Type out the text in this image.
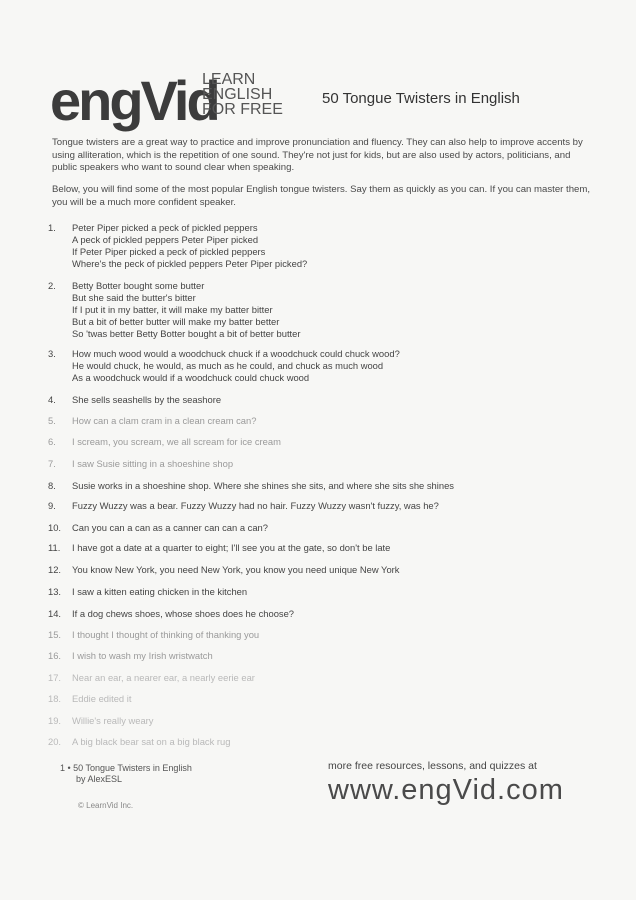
engVid
LEARN
ENGLISH
FOR FREE
50 Tongue Twisters in English
Tongue twisters are a great way to practice and improve pronunciation and fluency. They can also help to improve accents by using alliteration, which is the repetition of one sound. They're not just for kids, but are also used by actors, politicians, and public speakers who want to sound clear when speaking.
Below, you will find some of the most popular English tongue twisters. Say them as quickly as you can. If you can master them, you will be a much more confident speaker.
1.	Peter Piper picked a peck of pickled peppers
A peck of pickled peppers Peter Piper picked
If Peter Piper picked a peck of pickled peppers
Where's the peck of pickled peppers Peter Piper picked?
2.	Betty Botter bought some butter
But she said the butter's bitter
If I put it in my batter, it will make my batter bitter
But a bit of better butter will make my batter better
So 'twas better Betty Botter bought a bit of better butter
3.	How much wood would a woodchuck chuck if a woodchuck could chuck wood?
He would chuck, he would, as much as he could, and chuck as much wood
As a woodchuck would if a woodchuck could chuck wood
4.	She sells seashells by the seashore
5.	How can a clam cram in a clean cream can?
6.	I scream, you scream, we all scream for ice cream
7.	I saw Susie sitting in a shoeshine shop
8.	Susie works in a shoeshine shop. Where she shines she sits, and where she sits she shines
9.	Fuzzy Wuzzy was a bear. Fuzzy Wuzzy had no hair. Fuzzy Wuzzy wasn't fuzzy, was he?
10.	Can you can a can as a canner can can a can?
11.	I have got a date at a quarter to eight; I'll see you at the gate, so don't be late
12.	You know New York, you need New York, you know you need unique New York
13.	I saw a kitten eating chicken in the kitchen
14.	If a dog chews shoes, whose shoes does he choose?
15.	I thought I thought of thinking of thanking you
16.	I wish to wash my Irish wristwatch
17.	Near an ear, a nearer ear, a nearly eerie ear
18.	Eddie edited it
19.	Willie's really weary
20.	A big black bear sat on a big black rug
1 • 50 Tongue Twisters in English
by AlexESL
© LearnVid Inc.
more free resources, lessons, and quizzes at
www.engVid.com
